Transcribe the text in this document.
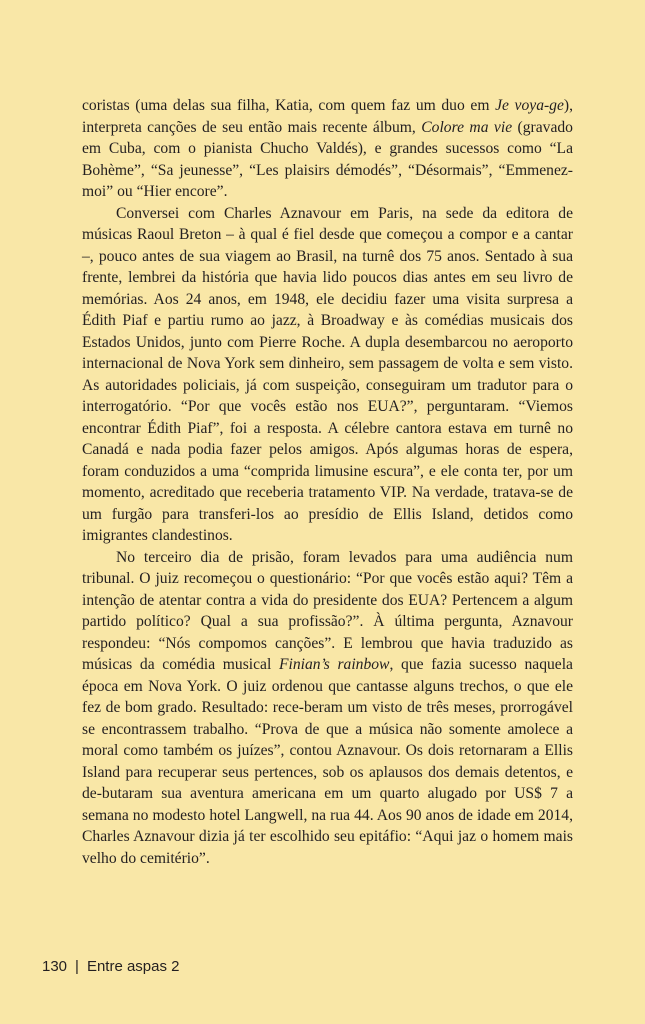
coristas (uma delas sua filha, Katia, com quem faz um duo em Je voya-ge), interpreta canções de seu então mais recente álbum, Colore ma vie (gravado em Cuba, com o pianista Chucho Valdés), e grandes sucessos como “La Bohème”, “Sa jeunesse”, “Les plaisirs démodés”, “Désormais”, “Emmenez-moi” ou “Hier encore”.

Conversei com Charles Aznavour em Paris, na sede da editora de músicas Raoul Breton – à qual é fiel desde que começou a compor e a cantar –, pouco antes de sua viagem ao Brasil, na turnê dos 75 anos. Sentado à sua frente, lembrei da história que havia lido poucos dias antes em seu livro de memórias. Aos 24 anos, em 1948, ele decidiu fazer uma visita surpresa a Édith Piaf e partiu rumo ao jazz, à Broadway e às comédias musicais dos Estados Unidos, junto com Pierre Roche. A dupla desembarcou no aeroporto internacional de Nova York sem dinheiro, sem passagem de volta e sem visto. As autoridades policiais, já com suspeição, conseguiram um tradutor para o interrogatório. “Por que vocês estão nos EUA?”, perguntaram. “Viemos encontrar Édith Piaf”, foi a resposta. A célebre cantora estava em turnê no Canadá e nada podia fazer pelos amigos. Após algumas horas de espera, foram conduzidos a uma “comprida limusine escura”, e ele conta ter, por um momento, acreditado que receberia tratamento VIP. Na verdade, tratava-se de um furgão para transferi-los ao presídio de Ellis Island, detidos como imigrantes clandestinos.

No terceiro dia de prisão, foram levados para uma audiência num tribunal. O juiz recomeçou o questionário: “Por que vocês estão aqui? Têm a intenção de atentar contra a vida do presidente dos EUA? Pertencem a algum partido político? Qual a sua profissão?”. À última pergunta, Aznavour respondeu: “Nós compomos canções”. E lembrou que havia traduzido as músicas da comédia musical Finian’s rainbow, que fazia sucesso naquela época em Nova York. O juiz ordenou que cantasse alguns trechos, o que ele fez de bom grado. Resultado: rece-beram um visto de três meses, prorrogável se encontrassem trabalho. “Prova de que a música não somente amolece a moral como também os juízes”, contou Aznavour. Os dois retornaram a Ellis Island para recuperar seus pertences, sob os aplausos dos demais detentos, e de-butaram sua aventura americana em um quarto alugado por US$ 7 a semana no modesto hotel Langwell, na rua 44. Aos 90 anos de idade em 2014, Charles Aznavour dizia já ter escolhido seu epitáfio: “Aqui jaz o homem mais velho do cemitério”.

130 | Entre aspas 2
